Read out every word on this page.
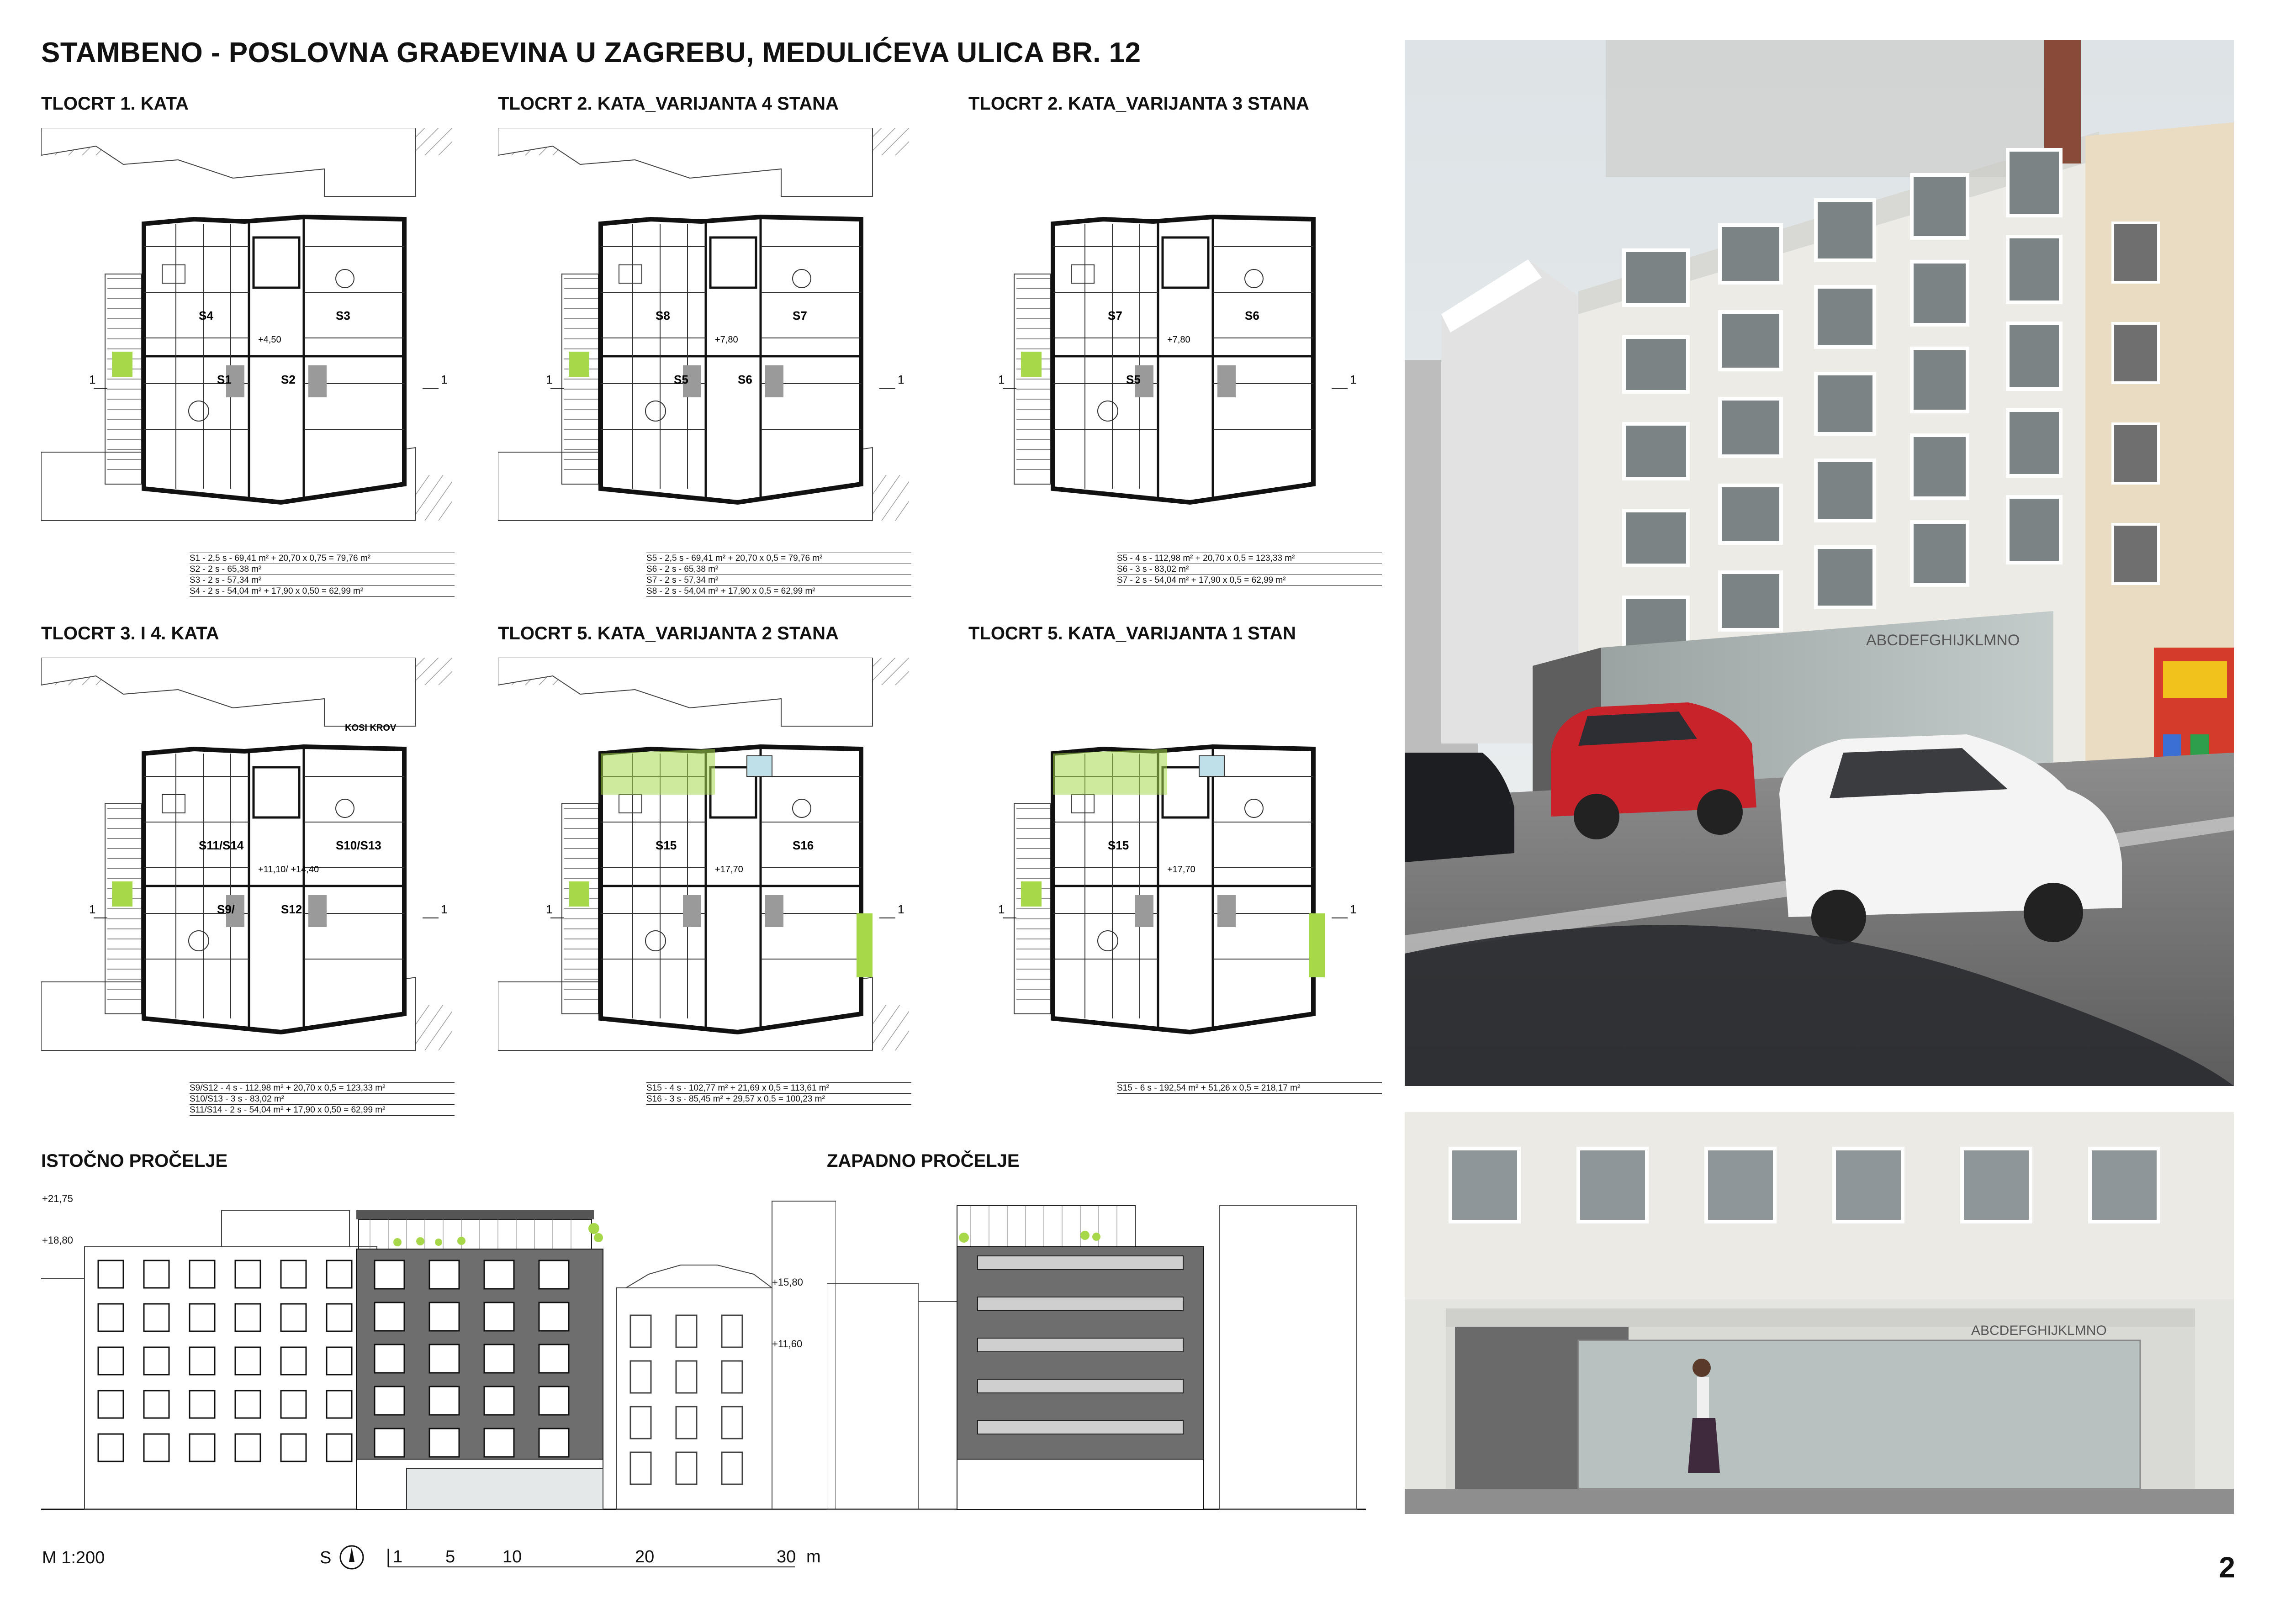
STAMBENO - POSLOVNA GRAĐEVINA U ZAGREBU, MEDULIĆEVA ULICA BR. 12
TLOCRT 1. KATA
1	1
S4	S3
S1	S2
+4,50
S1 - 2,5 s - 69,41 m² + 20,70 x 0,75 = 79,76 m²
S2 - 2 s - 65,38 m²
S3 - 2 s - 57,34 m²
S4 - 2 s - 54,04 m² + 17,90 x 0,50 = 62,99 m²
TLOCRT 2. KATA_VARIJANTA 4 STANA
1	1
S8	S7
S5	S6
+7,80
S5 - 2,5 s - 69,41 m² + 20,70 x 0,5 = 79,76 m²
S6 - 2 s - 65,38 m²
S7 - 2 s - 57,34 m²
S8 - 2 s - 54,04 m² + 17,90 x 0,5 = 62,99 m²
TLOCRT 2. KATA_VARIJANTA 3 STANA
1	1
S7	S6
S5
+7,80
S5 - 4 s - 112,98 m² + 20,70 x 0,5 = 123,33 m²
S6 - 3 s - 83,02 m²
S7 - 2 s - 54,04 m² + 17,90 x 0,5 = 62,99 m²
TLOCRT 3. I 4. KATA
1	1
S11/S14	S10/S13
S9/	S12
+11,10/ +14,40
KOSI KROV
S9/S12 - 4 s - 112,98 m² + 20,70 x 0,5 = 123,33 m²
S10/S13 - 3 s - 83,02 m²
S11/S14 - 2 s - 54,04 m² + 17,90 x 0,50 = 62,99 m²
TLOCRT 5. KATA_VARIJANTA 2 STANA
1	1
S15	S16
+17,70
S15 - 4 s - 102,77 m² + 21,69 x 0,5 = 113,61 m²
S16 - 3 s - 85,45 m² + 29,57 x 0,5 = 100,23 m²
TLOCRT 5. KATA_VARIJANTA 1 STAN
1	1
S15
+17,70
S15 - 6 s - 192,54 m² + 51,26 x 0,5 = 218,17 m²
ISTOČNO PROČELJE	ZAPADNO PROČELJE
+21,75
+18,80
+15,80
+11,60
ABCDEFGHIJKLMNO
ABCDEFGHIJKLMNO
M 1:200	S	1 5	10	20	30 m	2
